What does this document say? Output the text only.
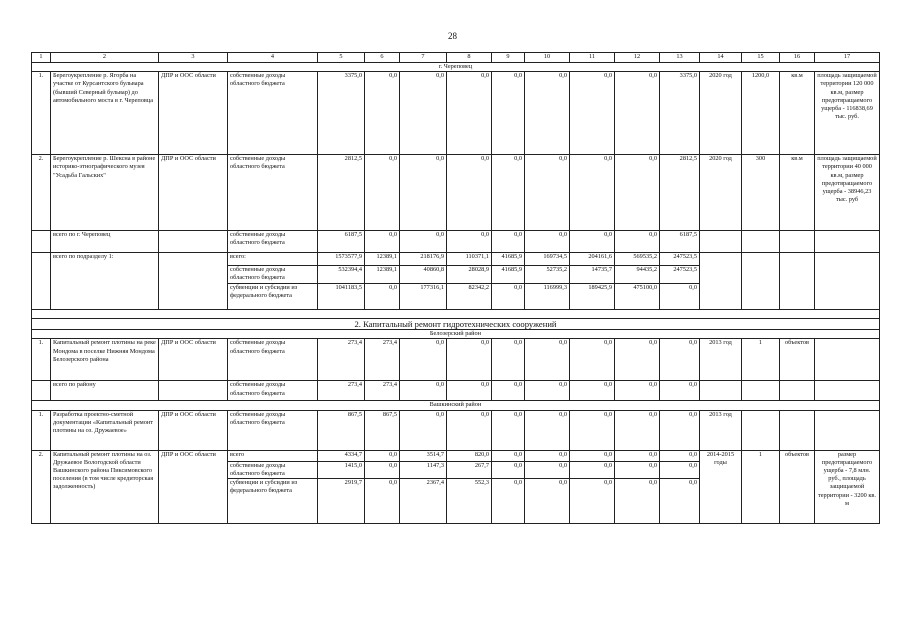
28
1	2	3	4	5	6	7	8	9	10	11	12	13	14	15	16	17
г. Череповец																
1.	Берегоукрепление р. Ягорба на участке от Курсантского бульвара (бывший Северный бульвар) до автомобильного моста в г. Череповца	ДПР и ООС области	собственные доходы областного бюджета	3375,0	0,0	0,0	0,0	0,0	0,0	0,0	0,0	3375,0	2020 год	1200,0	кв.м	площадь защищаемой территории 120 000 кв.м, размер предотвращаемого ущерба - 116838,69 тыс. руб.
2.	Берегоукрепление р. Шексна в районе историко-этнографического музея "Усадьба Гальских"	ДПР и ООС области	собственные доходы областного бюджета	2812,5	0,0	0,0	0,0	0,0	0,0	0,0	0,0	2812,5	2020 год	300	кв.м	площадь защищаемой территории 40 000 кв.м, размер предотвращаемого ущерба - 38946,23 тыс. руб
	всего по г. Череповец		собственные доходы областного бюджета	6187,5	0,0	0,0	0,0	0,0	0,0	0,0	0,0	6187,5				
	всего по подразделу 1:		всего:	1573577,9	12389,1	218176,9	110371,1	41685,9	169734,5	204161,6	569535,2	247523,5				
			собственные доходы областного бюджета	532394,4	12389,1	40860,8	28028,9	41685,9	52735,2	14735,7	94435,2	247523,5				
			субвенции и субсидии из федерального бюджета	1041183,5	0,0	177316,1	82342,2	0,0	116999,3	189425,9	475100,0	0,0				

2. Капитальный ремонт гидротехнических сооружений																
Белозерский район																
1.	Капитальный ремонт плотины на реке Мондома в поселке Нижняя Мондома Белозерского района	ДПР и ООС области	собственные доходы областного бюджета	273,4	273,4	0,0	0,0	0,0	0,0	0,0	0,0	0,0	2013 год	1	объектов	
	всего по району		собственные доходы областного бюджета	273,4	273,4	0,0	0,0	0,0	0,0	0,0	0,0	0,0				
Вашкинский район																
1.	Разработка проектно-сметной документации «Капитальный ремонт плотины на оз. Дружаевое»	ДПР и ООС области	собственные доходы областного бюджета	867,5	867,5	0,0	0,0	0,0	0,0	0,0	0,0	0,0	2013 год			
2.	Капитальный ремонт плотины на оз. Дружаевое Вологодской области Вашкинского района Пиксимовского поселения (в том числе кредиторская задолженность)	ДПР и ООС области	всего	4334,7	0,0	3514,7	820,0	0,0	0,0	0,0	0,0	0,0	2014-2015 годы	1	объектов	размер предотвращаемого ущерба - 7,8 млн. руб., площадь защищаемой территории - 3200 кв. м
			собственные доходы областного бюджета	1415,0	0,0	1147,3	267,7	0,0	0,0	0,0	0,0	0,0				
			субвенции и субсидии из федерального бюджета	2919,7	0,0	2367,4	552,3	0,0	0,0	0,0	0,0	0,0				
